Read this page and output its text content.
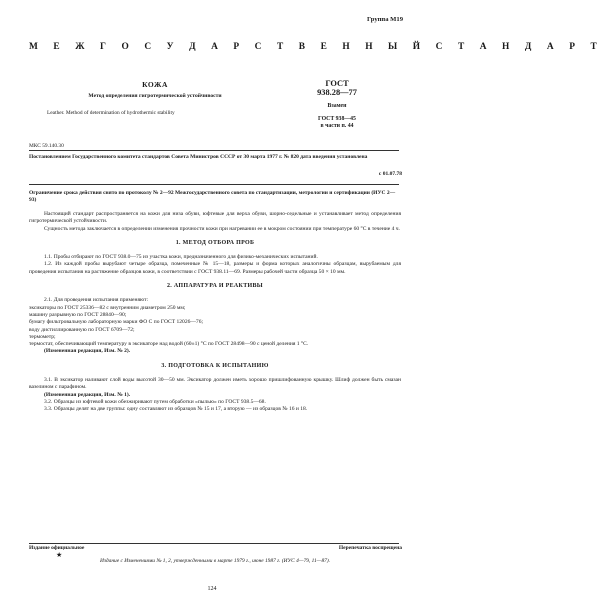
Группа М19
М Е Ж Г О С У Д А Р С Т В Е Н Н Ы Й С Т А Н Д А Р Т
КОЖА
Метод определения гигротермической устойчивости
Leather. Method of determination of hydrothermic stability
ГОСТ
938.28—77
Взамен
ГОСТ 938—45
в части п. 44
МКС 59.140.30
Постановлением Государственного комитета стандартов Совета Министров СССР от 30 марта 1977 г. № 820 дата введения установлена
с 01.07.78
Ограничение срока действия снято по протоколу № 2—92 Межгосударственного совета по стандартизации, метрологии и сертификации (ИУС 2—93)

Настоящий стандарт распространяется на кожи для низа обуви, юфтевые для верха обуви, шорно-седельные и устанавливает метод определения гигротермической устойчивости.

Сущность метода заключается в определении изменения прочности кожи при нагревании ее в мокром состоянии при температуре 60 °С в течение 4 ч.

1. МЕТОД ОТБОРА ПРОБ

1.1. Пробы отбирают по ГОСТ 938.0—75 из участка кожи, предназначенного для физико-механических испытаний.

1.2. Из каждой пробы вырубают четыре образца, помеченные № 15—18, размеры и форма которых аналогичны образцам, вырубаемым для проведения испытания на растяжение образцов кожи, в соответствии с ГОСТ 938.11—69. Размеры рабочей части образца 50 × 10 мм.

2. АППАРАТУРА И РЕАКТИВЫ

2.1. Для проведения испытания применяют:

эксикаторы по ГОСТ 25336—82 с внутренним диаметром 250 мм;

машину разрывную по ГОСТ 28840—90;

бумагу фильтровальную лабораторную марки ФО С по ГОСТ 12026—76;

воду дистиллированную по ГОСТ 6709—72;

термометр;

термостат, обеспечивающий температуру в эксикаторе над водой (60±1) °С по ГОСТ 28498—90 с ценой деления 1 °С.

(Измененная редакция, Изм. № 2).

3. ПОДГОТОВКА К ИСПЫТАНИЮ

3.1. В эксикатор наливают слой воды высотой 30—50 мм. Эксикатор должен иметь хорошо пришлифованную крышку. Шлиф должен быть смазан вазелином с парафином.

(Измененная редакция, Изм. № 1).

3.2. Образцы из юфтевой кожи обезжиривают путем обработки «пылью» по ГОСТ 938.5—68.

3.3. Образцы делят на две группы: одну составляют из образцов № 15 и 17, а вторую — из образцов № 16 и 18.

Издание официальное	Перепечатка воспрещена
★
Издание с Изменениями № 1, 2, утвержденными в марте 1979 г., июне 1987 г. (ИУС 4—79, 11—87).
124
